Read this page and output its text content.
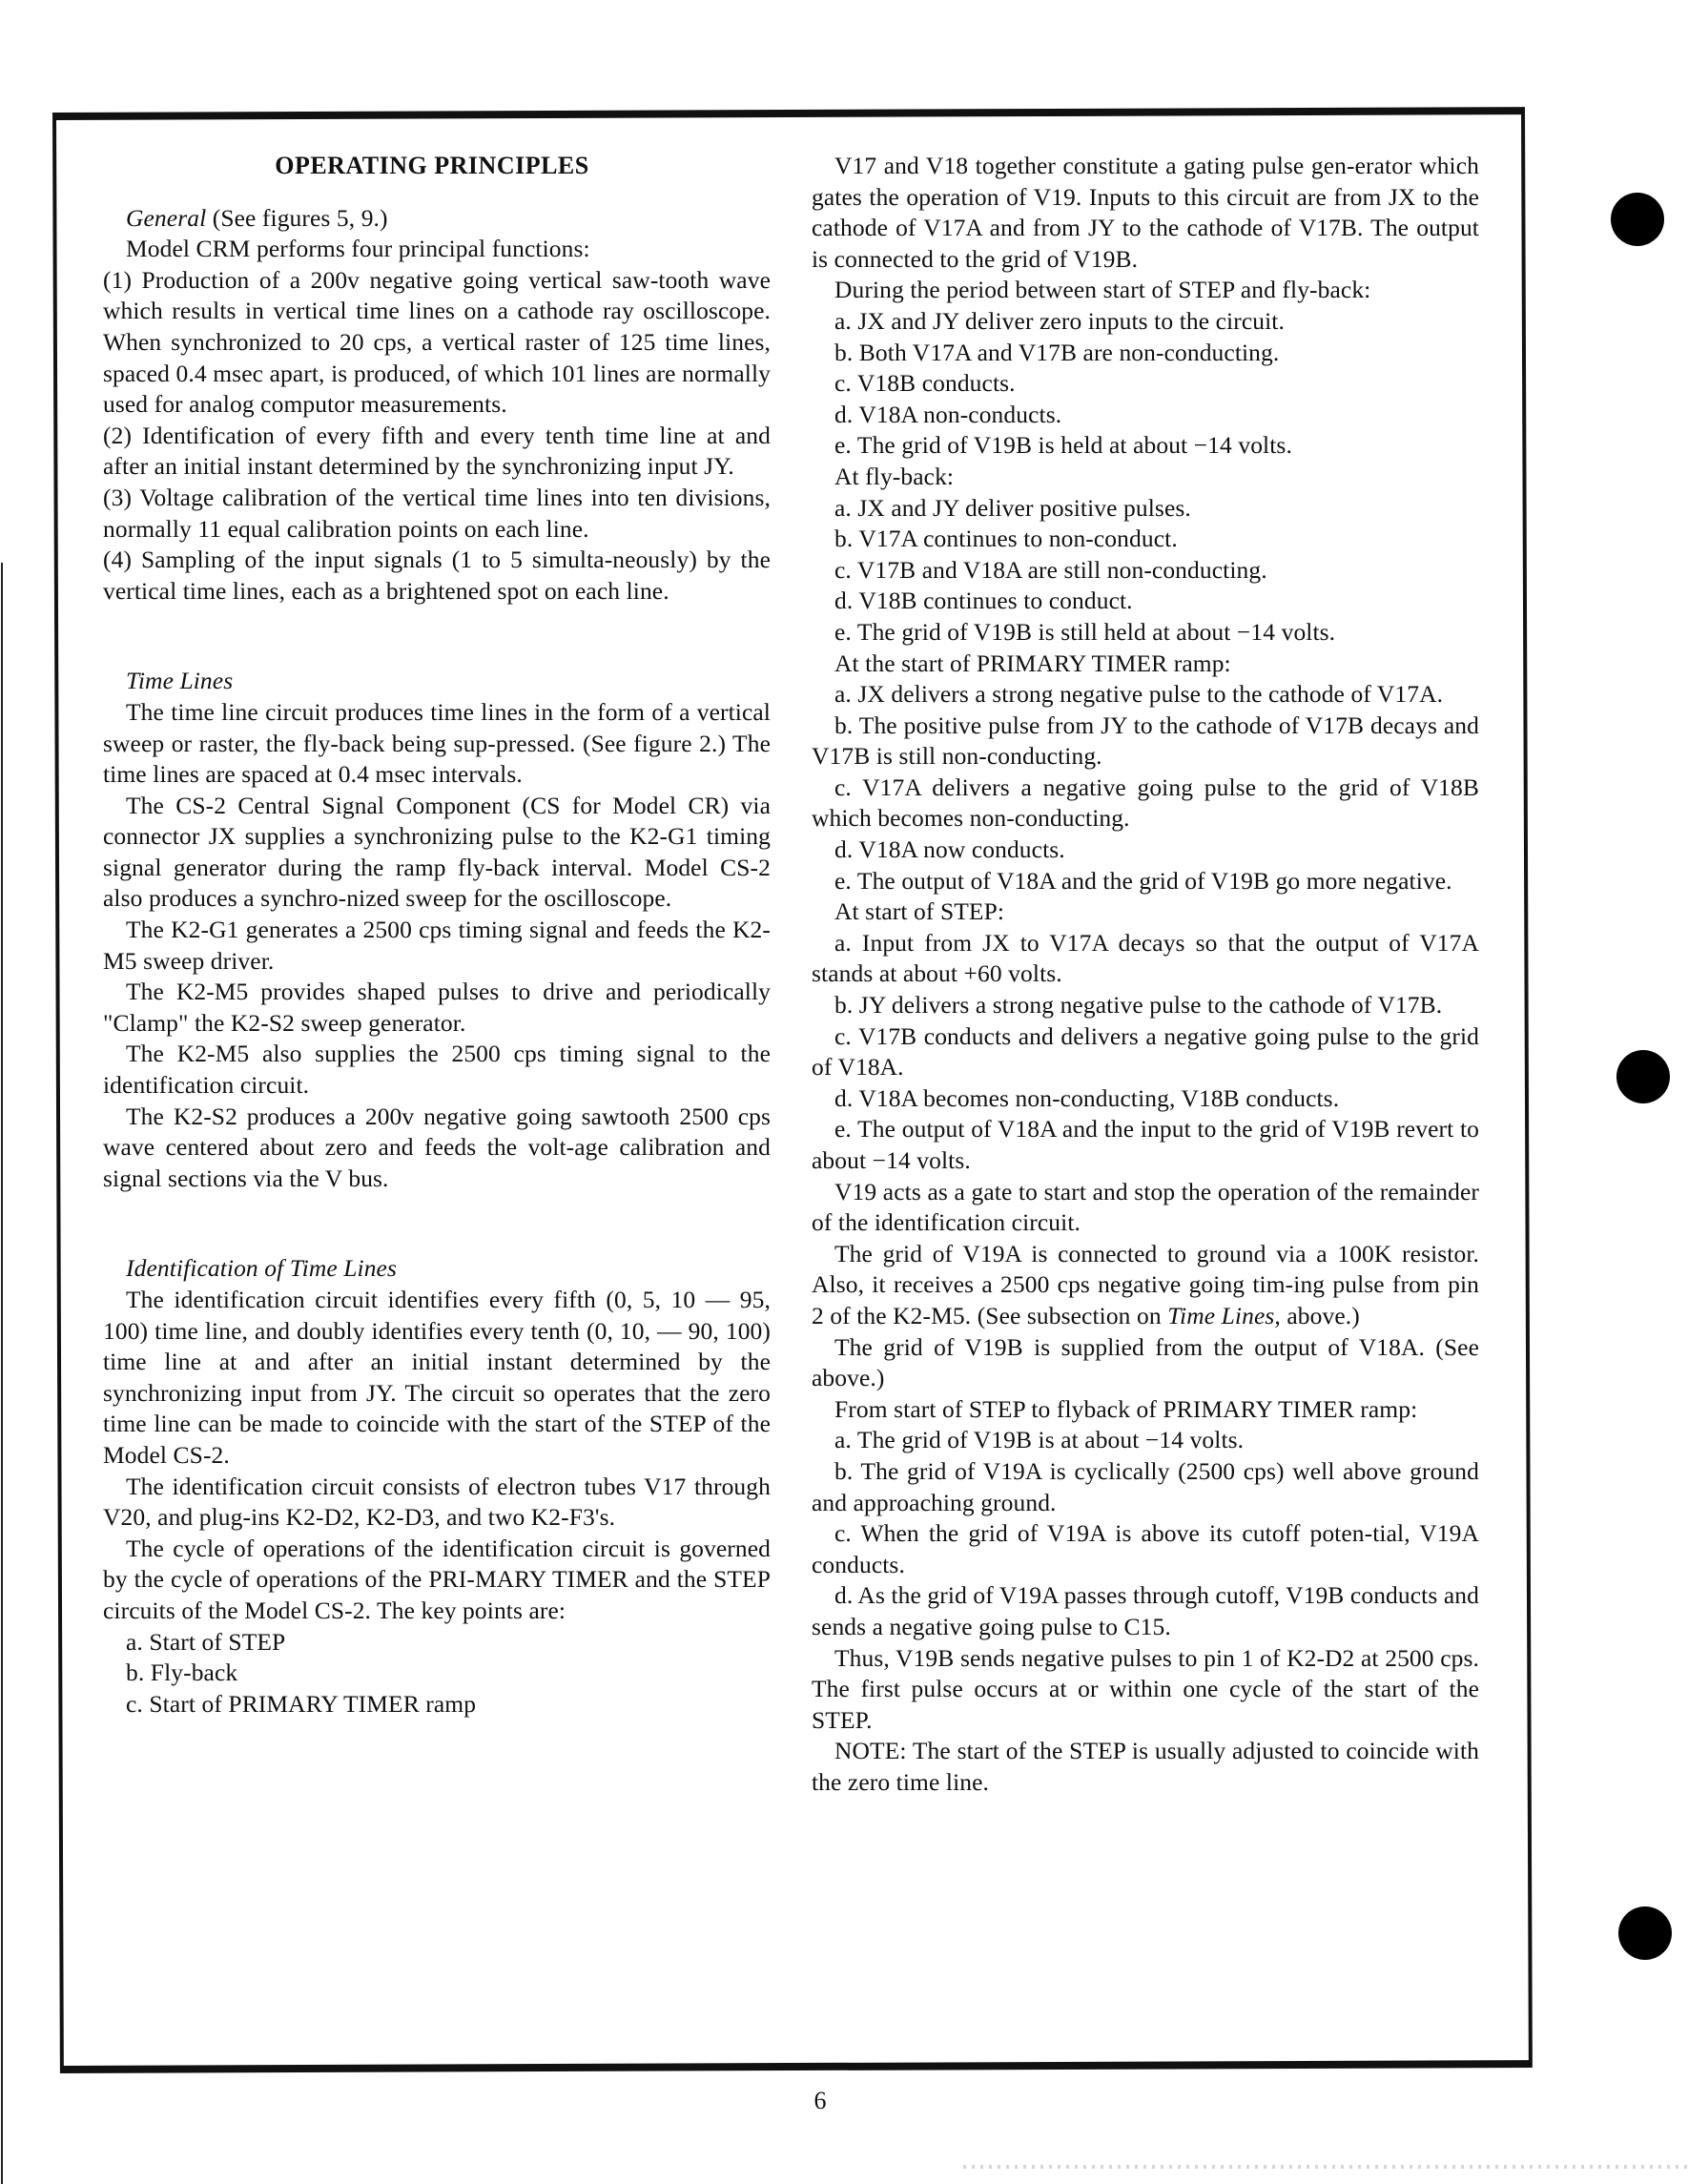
OPERATING PRINCIPLES

General (See figures 5, 9.)

Model CRM performs four principal functions:

(1) Production of a 200v negative going vertical saw-tooth wave which results in vertical time lines on a cathode ray oscilloscope. When synchronized to 20 cps, a vertical raster of 125 time lines, spaced 0.4 msec apart, is produced, of which 101 lines are normally used for analog computor measurements.

(2) Identification of every fifth and every tenth time line at and after an initial instant determined by the synchronizing input JY.

(3) Voltage calibration of the vertical time lines into ten divisions, normally 11 equal calibration points on each line.

(4) Sampling of the input signals (1 to 5 simulta-neously) by the vertical time lines, each as a brightened spot on each line.

Time Lines

The time line circuit produces time lines in the form of a vertical sweep or raster, the fly-back being sup-pressed. (See figure 2.) The time lines are spaced at 0.4 msec intervals.

The CS-2 Central Signal Component (CS for Model CR) via connector JX supplies a synchronizing pulse to the K2-G1 timing signal generator during the ramp fly-back interval. Model CS-2 also produces a synchro-nized sweep for the oscilloscope.

The K2-G1 generates a 2500 cps timing signal and feeds the K2-M5 sweep driver.

The K2-M5 provides shaped pulses to drive and periodically "Clamp" the K2-S2 sweep generator.

The K2-M5 also supplies the 2500 cps timing signal to the identification circuit.

The K2-S2 produces a 200v negative going sawtooth 2500 cps wave centered about zero and feeds the volt-age calibration and signal sections via the V bus.

Identification of Time Lines

The identification circuit identifies every fifth (0, 5, 10 — 95, 100) time line, and doubly identifies every tenth (0, 10, — 90, 100) time line at and after an initial instant determined by the synchronizing input from JY. The circuit so operates that the zero time line can be made to coincide with the start of the STEP of the Model CS-2.

The identification circuit consists of electron tubes V17 through V20, and plug-ins K2-D2, K2-D3, and two K2-F3's.

The cycle of operations of the identification circuit is governed by the cycle of operations of the PRI-MARY TIMER and the STEP circuits of the Model CS-2. The key points are:

a. Start of STEP

b. Fly-back

c. Start of PRIMARY TIMER ramp

V17 and V18 together constitute a gating pulse gen-erator which gates the operation of V19. Inputs to this circuit are from JX to the cathode of V17A and from JY to the cathode of V17B. The output is connected to the grid of V19B.

During the period between start of STEP and fly-back:

a. JX and JY deliver zero inputs to the circuit.

b. Both V17A and V17B are non-conducting.

c. V18B conducts.

d. V18A non-conducts.

e. The grid of V19B is held at about −14 volts.

At fly-back:

a. JX and JY deliver positive pulses.

b. V17A continues to non-conduct.

c. V17B and V18A are still non-conducting.

d. V18B continues to conduct.

e. The grid of V19B is still held at about −14 volts.

At the start of PRIMARY TIMER ramp:

a. JX delivers a strong negative pulse to the cathode of V17A.

b. The positive pulse from JY to the cathode of V17B decays and V17B is still non-conducting.

c. V17A delivers a negative going pulse to the grid of V18B which becomes non-conducting.

d. V18A now conducts.

e. The output of V18A and the grid of V19B go more negative.

At start of STEP:

a. Input from JX to V17A decays so that the output of V17A stands at about +60 volts.

b. JY delivers a strong negative pulse to the cathode of V17B.

c. V17B conducts and delivers a negative going pulse to the grid of V18A.

d. V18A becomes non-conducting, V18B conducts.

e. The output of V18A and the input to the grid of V19B revert to about −14 volts.

V19 acts as a gate to start and stop the operation of the remainder of the identification circuit.

The grid of V19A is connected to ground via a 100K resistor. Also, it receives a 2500 cps negative going tim-ing pulse from pin 2 of the K2-M5. (See subsection on Time Lines, above.)

The grid of V19B is supplied from the output of V18A. (See above.)

From start of STEP to flyback of PRIMARY TIMER ramp:

a. The grid of V19B is at about −14 volts.

b. The grid of V19A is cyclically (2500 cps) well above ground and approaching ground.

c. When the grid of V19A is above its cutoff poten-tial, V19A conducts.

d. As the grid of V19A passes through cutoff, V19B conducts and sends a negative going pulse to C15.

Thus, V19B sends negative pulses to pin 1 of K2-D2 at 2500 cps. The first pulse occurs at or within one cycle of the start of the STEP.

NOTE: The start of the STEP is usually adjusted to coincide with the zero time line.

6
